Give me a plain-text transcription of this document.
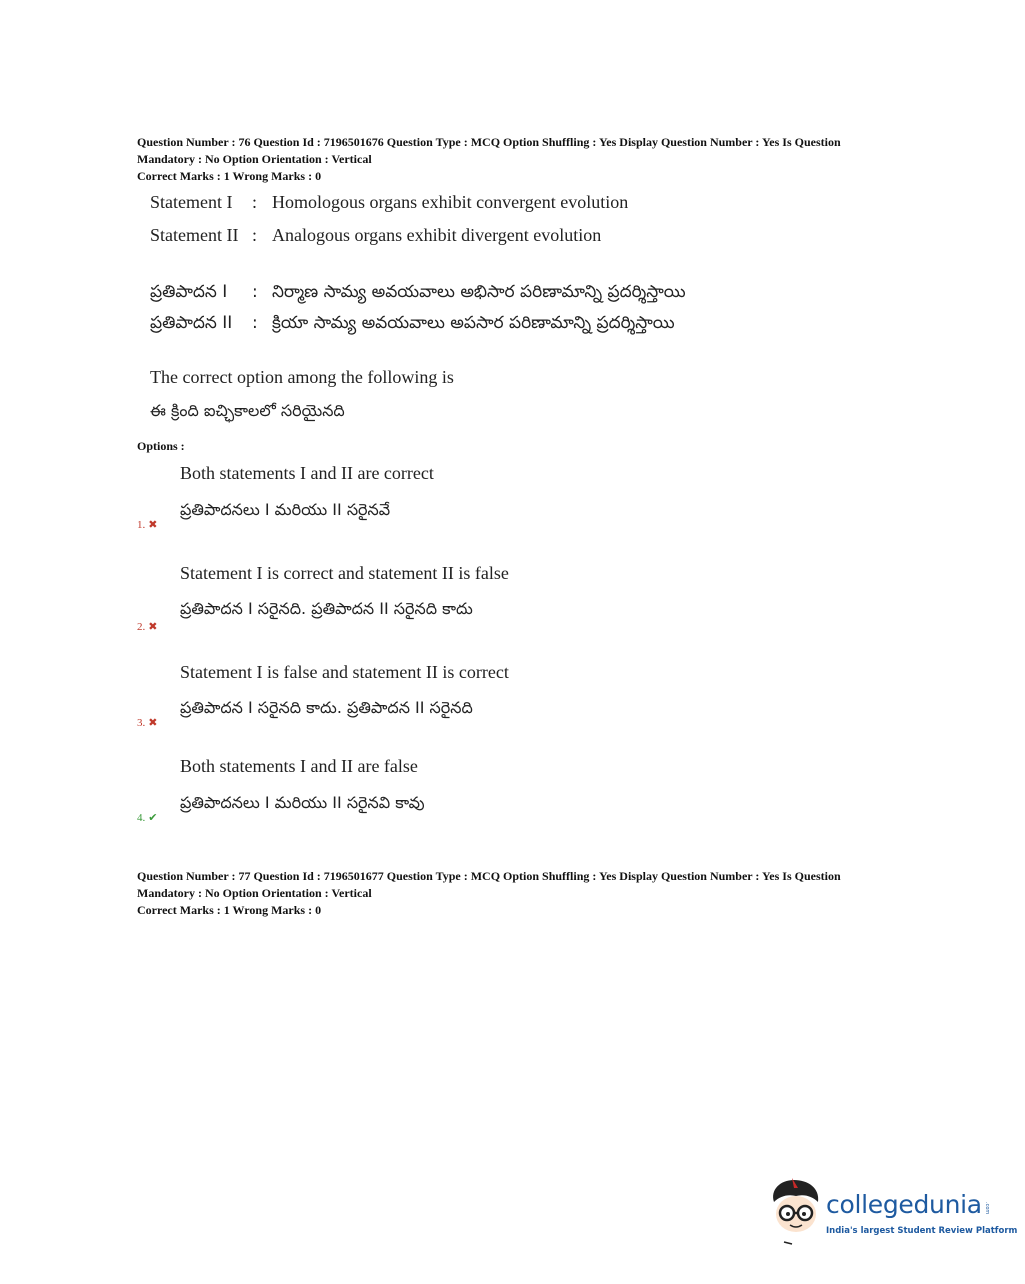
Question Number : 76 Question Id : 7196501676 Question Type : MCQ Option Shuffling : Yes Display Question Number : Yes Is Question
Mandatory : No Option Orientation : Vertical
Correct Marks : 1 Wrong Marks : 0
Statement I : Homologous organs exhibit convergent evolution
Statement II : Analogous organs exhibit divergent evolution
ప్రతిపాదన I : నిర్మాణ సామ్య అవయవాలు అభిసార పరిణామాన్ని ప్రదర్శిస్తాయి
ప్రతిపాదన II : క్రియా సామ్య అవయవాలు అపసార పరిణామాన్ని ప్రదర్శిస్తాయి
The correct option among the following is
ఈ క్రింది ఐచ్ఛికాలలో సరియైనది
Options :
Both statements I and II are correct
ప్రతిపాదనలు I మరియు II సరైనవే
1. ✖
Statement I is correct and statement II is false
ప్రతిపాదన I సరైనది. ప్రతిపాదన II సరైనది కాదు
2. ✖
Statement I is false and statement II is correct
ప్రతిపాదన I సరైనది కాదు. ప్రతిపాదన II సరైనది
3. ✖
Both statements I and II are false
ప్రతిపాదనలు I మరియు II సరైనవి కావు
4. ✔
Question Number : 77 Question Id : 7196501677 Question Type : MCQ Option Shuffling : Yes Display Question Number : Yes Is Question
Mandatory : No Option Orientation : Vertical
Correct Marks : 1 Wrong Marks : 0
collegedunia .com
India's largest Student Review Platform
